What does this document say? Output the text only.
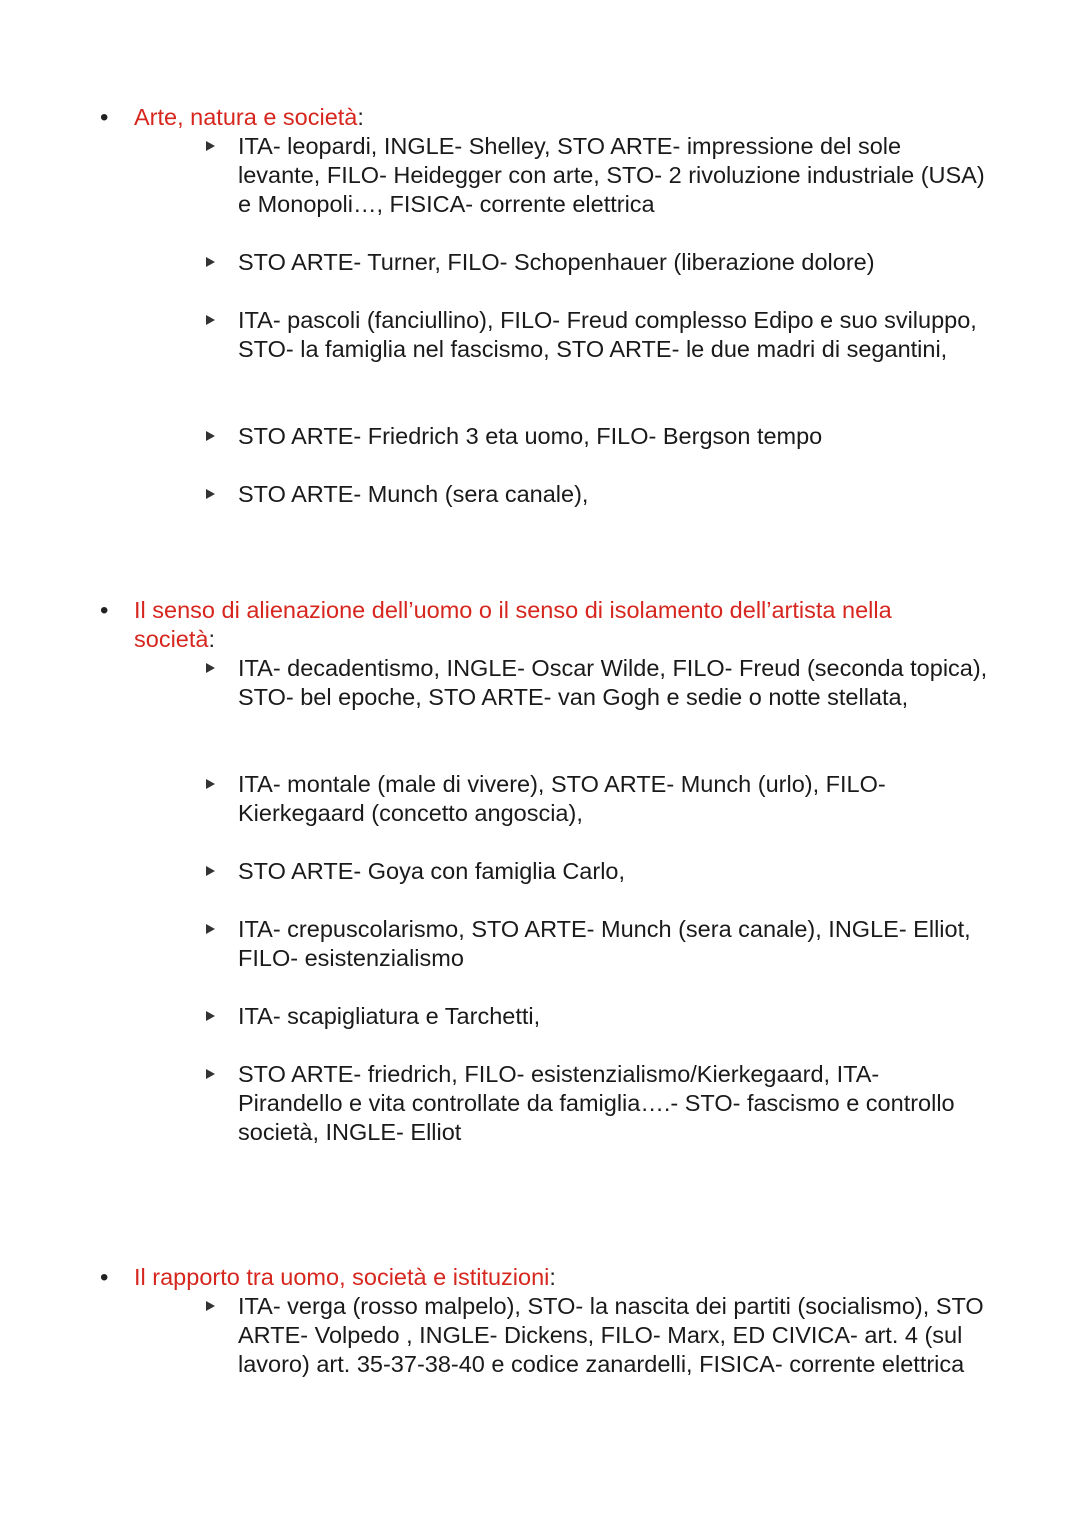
• Arte, natura e società:

ITA- leopardi, INGLE- Shelley, STO ARTE- impressione del sole levante, FILO- Heidegger con arte, STO- 2 rivoluzione industriale (USA) e Monopoli…, FISICA- corrente elettrica

STO ARTE- Turner, FILO- Schopenhauer (liberazione dolore)

ITA- pascoli (fanciullino), FILO- Freud complesso Edipo e suo sviluppo, STO- la famiglia nel fascismo, STO ARTE- le due madri di segantini,

STO ARTE- Friedrich 3 eta uomo, FILO- Bergson tempo

STO ARTE- Munch (sera canale),

• Il senso di alienazione dell’uomo o il senso di isolamento dell’artista nella società:

ITA- decadentismo, INGLE- Oscar Wilde, FILO- Freud (seconda topica), STO- bel epoche, STO ARTE- van Gogh e sedie o notte stellata,

ITA- montale (male di vivere), STO ARTE- Munch (urlo), FILO- Kierkegaard (concetto angoscia),

STO ARTE- Goya con famiglia Carlo,

ITA- crepuscolarismo, STO ARTE- Munch (sera canale), INGLE- Elliot, FILO- esistenzialismo

ITA- scapigliatura e Tarchetti,

STO ARTE- friedrich, FILO- esistenzialismo/Kierkegaard, ITA- Pirandello e vita controllate da famiglia….- STO- fascismo e controllo società, INGLE- Elliot

• Il rapporto tra uomo, società e istituzioni:

ITA- verga (rosso malpelo), STO- la nascita dei partiti (socialismo), STO ARTE- Volpedo , INGLE- Dickens, FILO- Marx, ED CIVICA- art. 4 (sul lavoro) art. 35-37-38-40 e codice zanardelli, FISICA- corrente elettrica
